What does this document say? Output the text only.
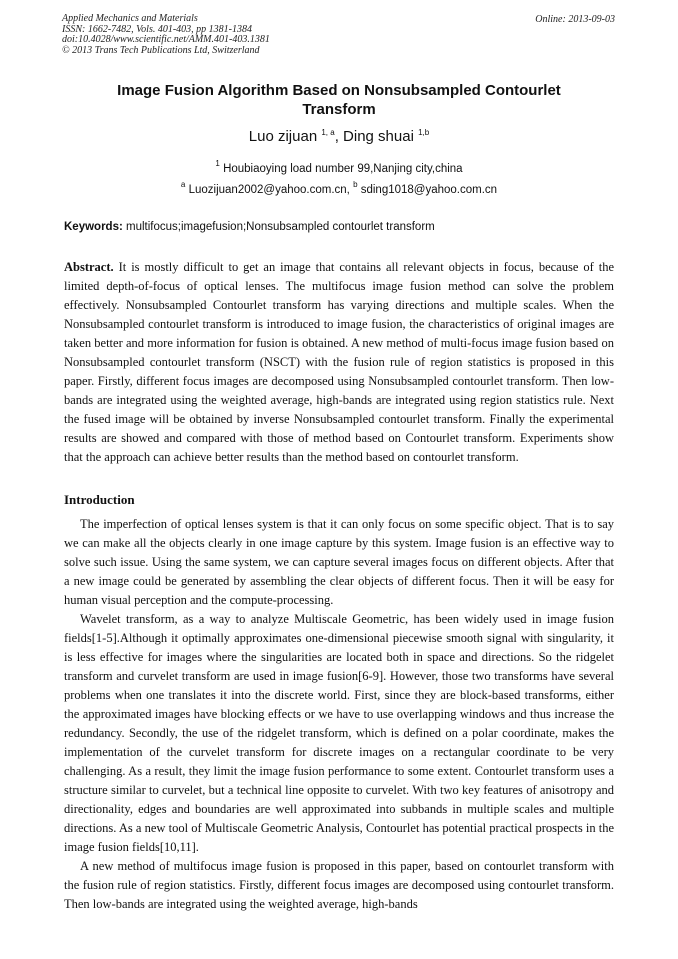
Applied Mechanics and Materials
ISSN: 1662-7482, Vols. 401-403, pp 1381-1384
doi:10.4028/www.scientific.net/AMM.401-403.1381
© 2013 Trans Tech Publications Ltd, Switzerland
Online: 2013-09-03
Image Fusion Algorithm Based on Nonsubsampled Contourlet
Transform
Luo zijuan $^{1, a}$, Ding shuai $^{1,b}$
$^1$ Houbiaoying load number 99,Nanjing city,china
$^a$ Luozijuan2002@yahoo.com.cn, $^b$ sding1018@yahoo.com.cn
Keywords: multifocus;imagefusion;Nonsubsampled contourlet transform

Abstract. It is mostly difficult to get an image that contains all relevant objects in focus, because of the limited depth-of-focus of optical lenses. The multifocus image fusion method can solve the problem effectively. Nonsubsampled Contourlet transform has varying directions and multiple scales. When the Nonsubsampled contourlet transform is introduced to image fusion, the characteristics of original images are taken better and more information for fusion is obtained. A new method of multi-focus image fusion based on Nonsubsampled contourlet transform (NSCT) with the fusion rule of region statistics is proposed in this paper. Firstly, different focus images are decomposed using Nonsubsampled contourlet transform. Then low-bands are integrated using the weighted average, high-bands are integrated using region statistics rule. Next the fused image will be obtained by inverse Nonsubsampled contourlet transform. Finally the experimental results are showed and compared with those of method based on Contourlet transform. Experiments show that the approach can achieve better results than the method based on contourlet transform.

Introduction

The imperfection of optical lenses system is that it can only focus on some specific object. That is to say we can make all the objects clearly in one image capture by this system. Image fusion is an effective way to solve such issue. Using the same system, we can capture several images focus on different objects. After that a new image could be generated by assembling the clear objects of different focus. Then it will be easy for human visual perception and the compute-processing.

Wavelet transform, as a way to analyze Multiscale Geometric, has been widely used in image fusion fields[1-5].Although it optimally approximates one-dimensional piecewise smooth signal with singularity, it is less effective for images where the singularities are located both in space and directions. So the ridgelet transform and curvelet transform are used in image fusion[6-9]. However, those two transforms have several problems when one translates it into the discrete world. First, since they are block-based transforms, either the approximated images have blocking effects or we have to use overlapping windows and thus increase the redundancy. Secondly, the use of the ridgelet transform, which is defined on a polar coordinate, makes the implementation of the curvelet transform for discrete images on a rectangular coordinate to be very challenging. As a result, they limit the image fusion performance to some extent. Contourlet transform uses a structure similar to curvelet, but a technical line opposite to curvelet. With two key features of anisotropy and directionality, edges and boundaries are well approximated into subbands in multiple scales and multiple directions. As a new tool of Multiscale Geometric Analysis, Contourlet has potential practical prospects in the image fusion fields[10,11].

A new method of multifocus image fusion is proposed in this paper, based on contourlet transform with the fusion rule of region statistics. Firstly, different focus images are decomposed using contourlet transform. Then low-bands are integrated using the weighted average, high-bands
